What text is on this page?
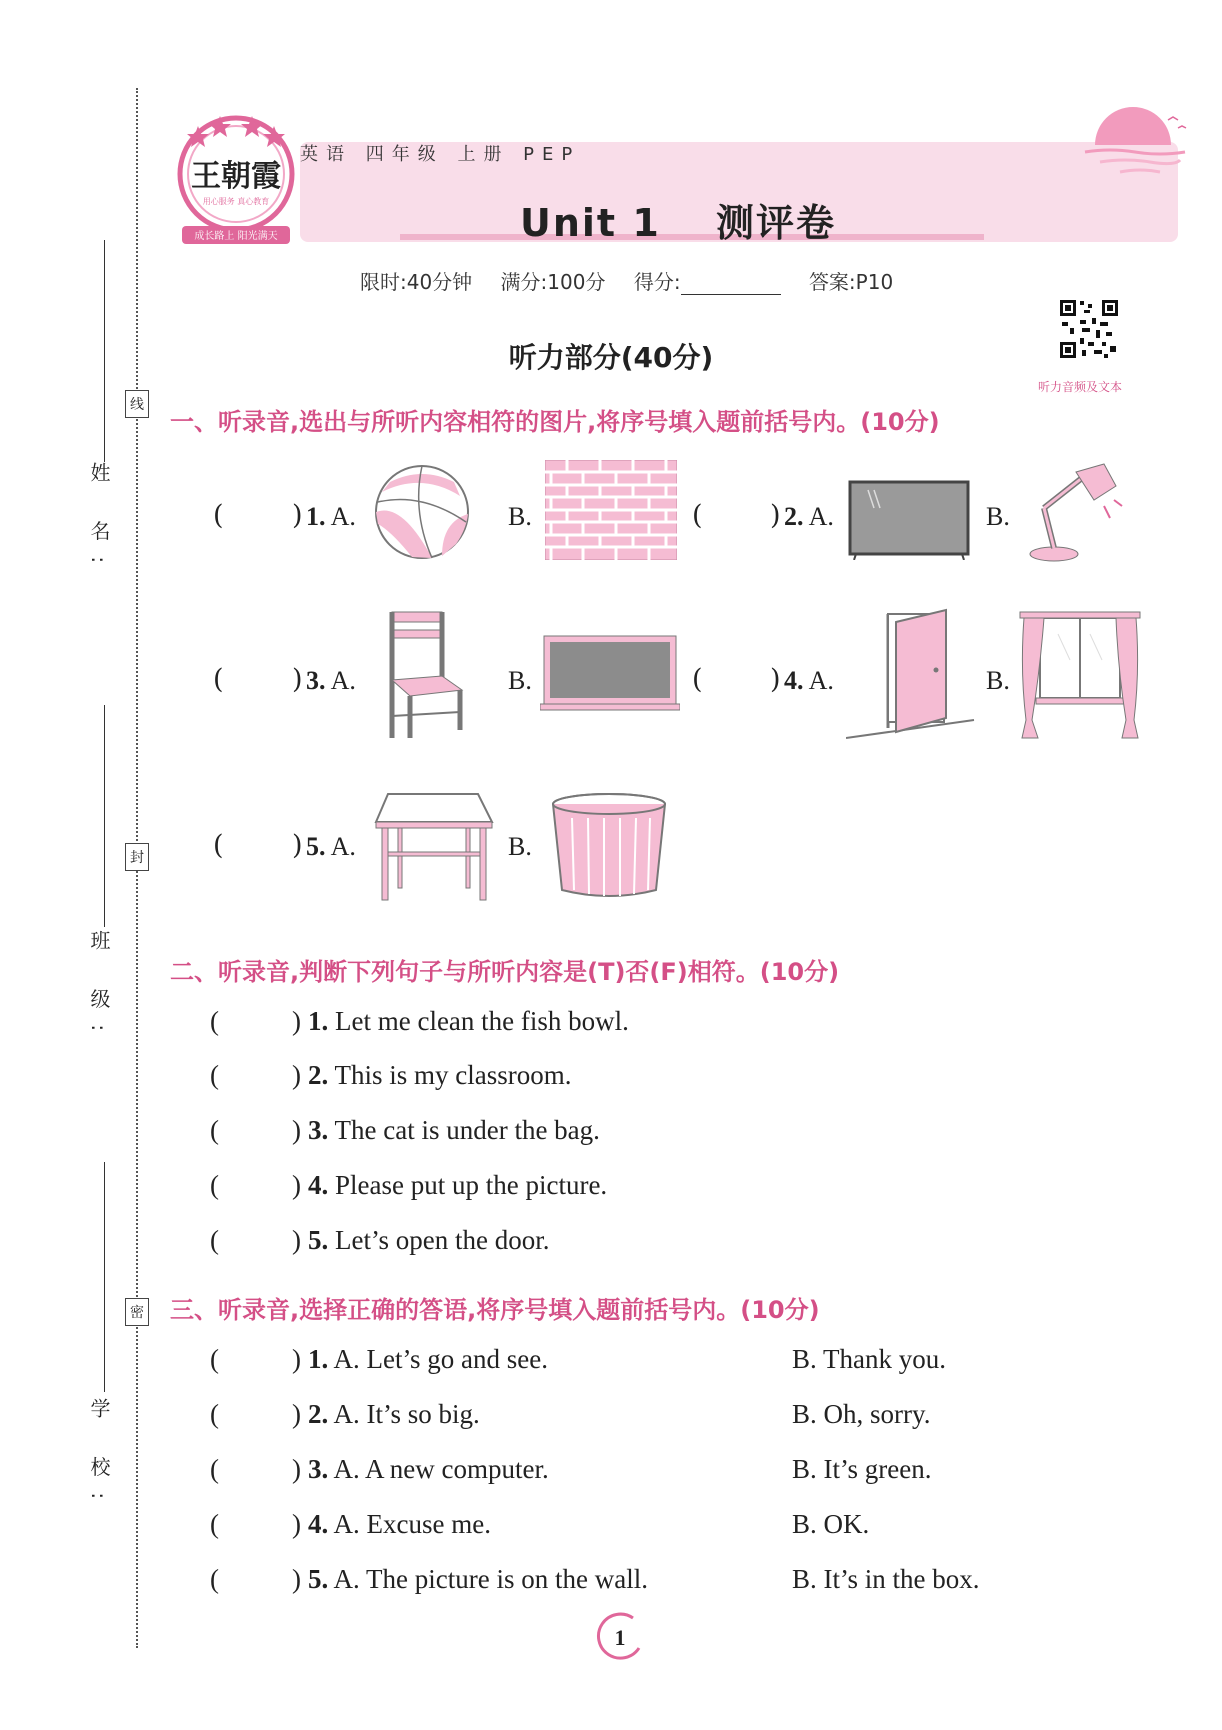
线
封
密
姓 名:
班 级:
学 校:
成长路上 阳光满天
王朝霞
用心服务 真心教育
英语 四年级 上册 PEP
Unit 1 测评卷
限时:40分钟 满分:100分 得分:	答案:P10
听力音频及文本
听力部分(40分)
一、听录音,选出与所听内容相符的图片,将序号填入题前括号内。(10分)
(	) 1. A.	B.	( ) 2. A.	B.
(	) 3. A.	B.	( ) 4. A.	B.
(	) 5. A.	B.
二、听录音,判断下列句子与所听内容是(T)否(F)相符。(10分)
(	) 1. Let me clean the fish bowl.
(	) 2. This is my classroom.
(	) 3. The cat is under the bag.
(	) 4. Please put up the picture.
(	) 5. Let’s open the door.
三、听录音,选择正确的答语,将序号填入题前括号内。(10分)
(	) 1. A. Let’s go and see.	B. Thank you.
(	) 2. A. It’s so big.	B. Oh, sorry.
(	) 3. A. A new computer.	B. It’s green.
(	) 4. A. Excuse me.	B. OK.
(	) 5. A. The picture is on the wall.	B. It’s in the box.
1
